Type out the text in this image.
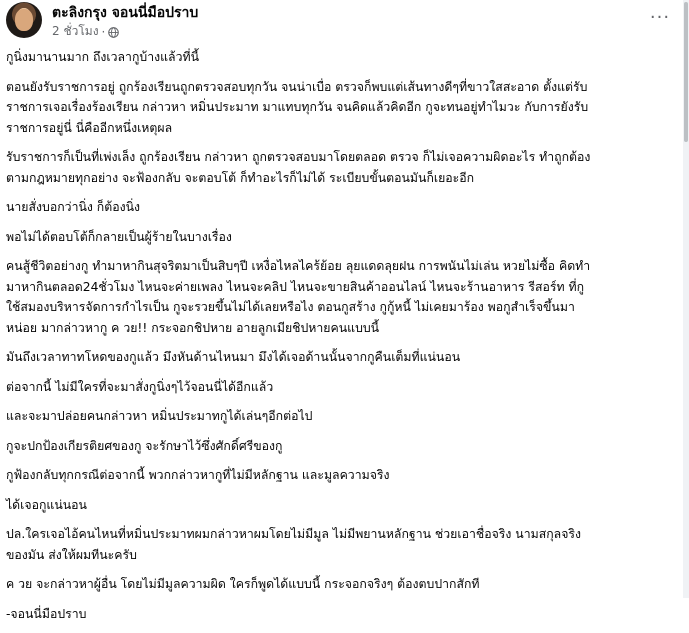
ตะลิงกรุง จอนนี่มือปราบ
2 ชั่วโมง ·
···

กูนิ่งมานานมาก ถึงเวลากูบ้างแล้วที่นี้

ตอนยังรับราชการอยู่ ถูกร้องเรียนถูกตรวจสอบทุกวัน จนน่าเบื่อ ตรวจก็พบแต่เส้นทางดีๆที่ขาวใสสะอาด ตั้งแต่รับ
ราชการเจอเรื่องร้องเรียน กล่าวหา หมิ่นประมาท มาแทบทุกวัน จนคิดแล้วคิดอีก กูจะทนอยู่ทำไมวะ กับการยังรับ
ราชการอยู่นี่ นี่คืออีกหนึ่งเหตุผล

รับราชการก็เป็นที่เพ่งเล็ง ถูกร้องเรียน กล่าวหา ถูกตรวจสอบมาโดยตลอด ตรวจ ก็ไม่เจอความผิดอะไร ทำถูกต้อง
ตามกฎหมายทุกอย่าง จะฟ้องกลับ จะตอบโต้ ก็ทำอะไรก็ไม่ได้ ระเบียบขั้นตอนมันก็เยอะอีก

นายสั่งบอกว่านิ่ง ก็ต้องนิ่ง

พอไม่ได้ตอบโต้ก็กลายเป็นผู้ร้ายในบางเรื่อง

คนสู้ชีวิตอย่างกู ทำมาหากินสุจริตมาเป็นสิบๆปี เหงื่อไหลไคร้ย้อย ลุยแดดลุยฝน การพนันไม่เล่น หวยไม่ซื้อ คิดทำ
มาหากินตลอด24ชั่วโมง ไหนจะค่ายเพลง ไหนจะคลิป ไหนจะขายสินค้าออนไลน์ ไหนจะร้านอาหาร รีสอร์ท ที่กู
ใช้สมองบริหารจัดการกำไรเป็น กูจะรวยขึ้นไม่ได้เลยหรือไง ตอนกูสร้าง กูกู้หนี้ ไม่เคยมาร้อง พอกูสำเร็จขึ้นมา
หน่อย มากล่าวหากู ค วย!! กระจอกชิปหาย อายลูกเมียชิปหายคนแบบนี้

มันถึงเวลาทาทโหดของกูแล้ว มึงหันด้านไหนมา มึงได้เจอด้านนั้นจากกูคืนเต็มที่แน่นอน

ต่อจากนี้ ไม่มีใครที่จะมาสั่งกูนิ่งๆไว้จอนนี่ได้อีกแล้ว

และจะมาปล่อยคนกล่าวหา หมิ่นประมาทกูได้เล่นๆอีกต่อไป

กูจะปกป้องเกียรติยศของกู จะรักษาไว้ซึ่งศักดิ์ศรีของกู

กูฟ้องกลับทุกกรณีต่อจากนี้ พวกกล่าวหากูที่ไม่มีหลักฐาน และมูลความจริง

ได้เจอกูแน่นอน

ปล.ใครเจอไอ้คนไหนที่หมิ่นประมาทผมกล่าวหาผมโดยไม่มีมูล ไม่มีพยานหลักฐาน ช่วยเอาชื่อจริง นามสกุลจริง
ของมัน ส่งให้ผมทีนะครับ

ค วย จะกล่าวหาผู้อื่น โดยไม่มีมูลความผิด ใครก็พูดได้แบบนี้ กระจอกจริงๆ ต้องตบปากสักที

-จอนนี่มือปราบ
